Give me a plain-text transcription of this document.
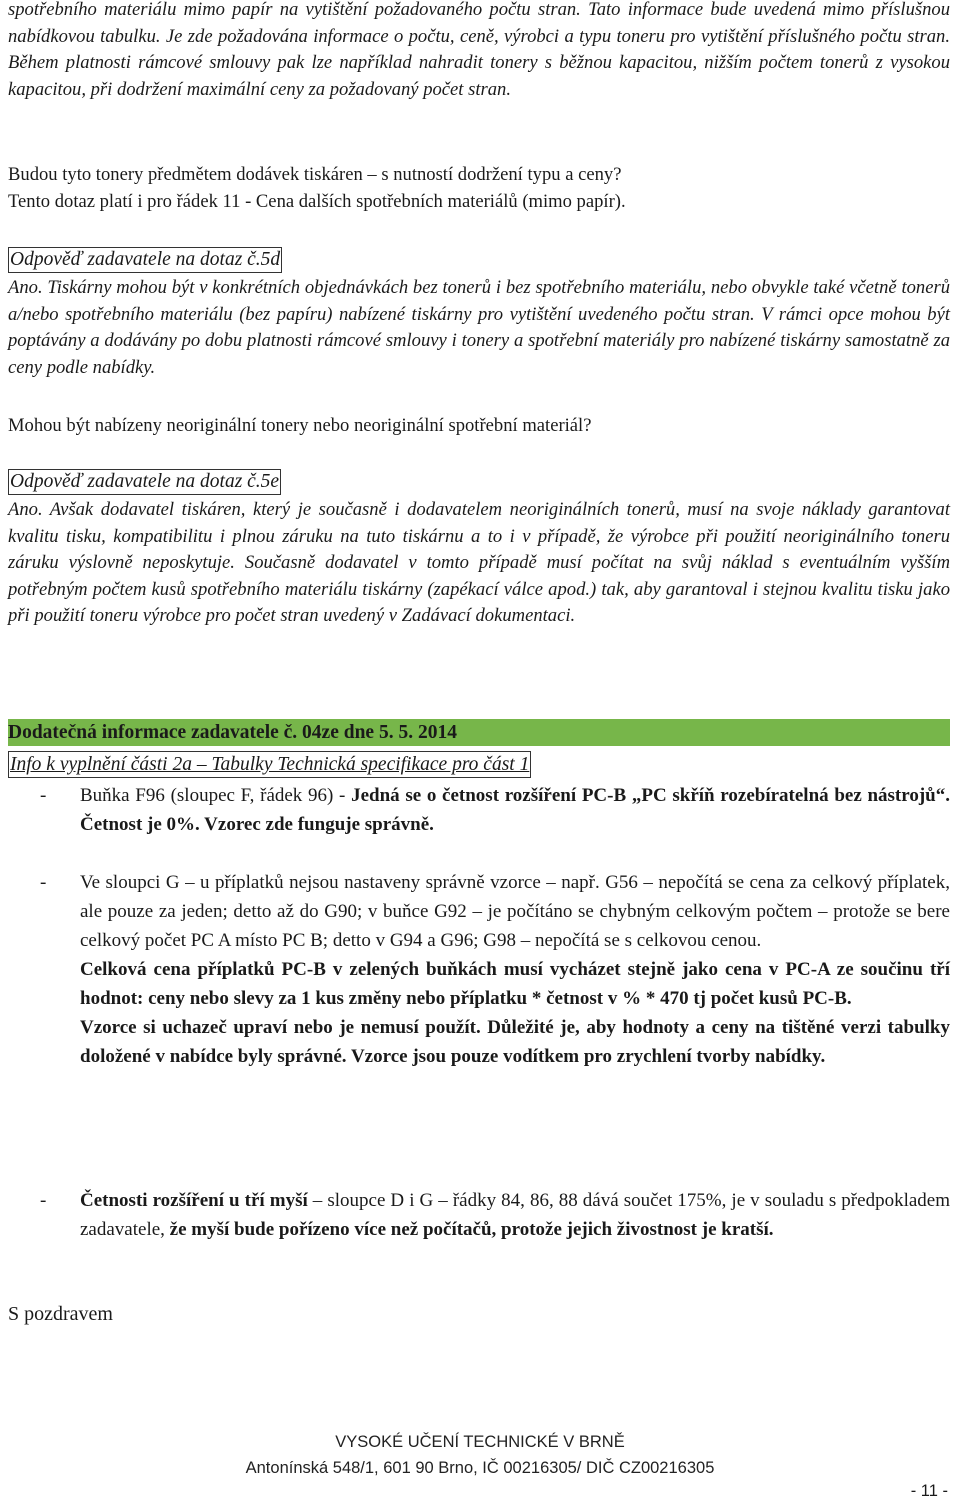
spotřebního materiálu mimo papír na vytištění požadovaného počtu stran. Tato informace bude uvedená mimo příslušnou nabídkovou tabulku. Je zde požadována informace o počtu, ceně, výrobci a typu toneru pro vytištění příslušného počtu stran. Během platnosti rámcové smlouvy pak lze například nahradit tonery s běžnou kapacitou, nižším počtem tonerů z vysokou kapacitou, při dodržení maximální ceny za požadovaný počet stran.

Budou tyto tonery předmětem dodávek tiskáren – s nutností dodržení typu a ceny?

Tento dotaz platí i pro řádek 11 - Cena dalších spotřebních materiálů (mimo papír).

Odpověď zadavatele na dotaz č.5d

Ano. Tiskárny mohou být v konkrétních objednávkách bez tonerů i bez spotřebního materiálu, nebo obvykle také včetně tonerů a/nebo spotřebního materiálu (bez papíru) nabízené tiskárny pro vytištění uvedeného počtu stran. V rámci opce mohou být poptávány a dodávány po dobu platnosti rámcové smlouvy i tonery a spotřební materiály pro nabízené tiskárny samostatně za ceny podle nabídky.

Mohou být nabízeny neoriginální tonery nebo neoriginální spotřební materiál?

Odpověď zadavatele na dotaz č.5e

Ano. Avšak dodavatel tiskáren, který je současně i dodavatelem neoriginálních tonerů, musí na svoje náklady garantovat kvalitu tisku, kompatibilitu i plnou záruku na tuto tiskárnu a to i v případě, že výrobce při použití neoriginálního toneru záruku výslovně neposkytuje. Současně dodavatel v tomto případě musí počítat na svůj náklad s eventuálním vyšším potřebným počtem kusů spotřebního materiálu tiskárny (zapékací válce apod.) tak, aby garantoval i stejnou kvalitu tisku jako při použití toneru výrobce pro počet stran uvedený v Zadávací dokumentaci.

Dodatečná informace zadavatele č. 04ze dne 5. 5. 2014
Info k vyplnění části 2a – Tabulky Technická specifikace pro část 1
- Buňka F96 (sloupec F, řádek 96) - Jedná se o četnost rozšíření PC-B „PC skříň rozebíratelná bez nástrojů“. Četnost je 0%. Vzorec zde funguje správně.
- Ve sloupci G – u příplatků nejsou nastaveny správně vzorce – např. G56 – nepočítá se cena za celkový příplatek, ale pouze za jeden; detto až do G90; v buňce G92 – je počítáno se chybným celkovým počtem – protože se bere celkový počet PC A místo PC B; detto v G94 a G96; G98 – nepočítá se s celkovou cenou.
Celková cena příplatků PC-B v zelených buňkách musí vycházet stejně jako cena v PC-A ze součinu tří hodnot: ceny nebo slevy za 1 kus změny nebo příplatku * četnost v % * 470 tj počet kusů PC-B.
Vzorce si uchazeč upraví nebo je nemusí použít. Důležité je, aby hodnoty a ceny na tištěné verzi tabulky doložené v nabídce byly správné. Vzorce jsou pouze vodítkem pro zrychlení tvorby nabídky.
- Četnosti rozšíření u tří myší – sloupce D i G – řádky 84, 86, 88 dává součet 175%, je v souladu s předpokladem zadavatele, že myší bude pořízeno více než počítačů, protože jejich živostnost je kratší.

S pozdravem

VYSOKÉ UČENÍ TECHNICKÉ V BRNĚ
Antonínská 548/1, 601 90 Brno, IČ 00216305/ DIČ CZ00216305
- 11 -
